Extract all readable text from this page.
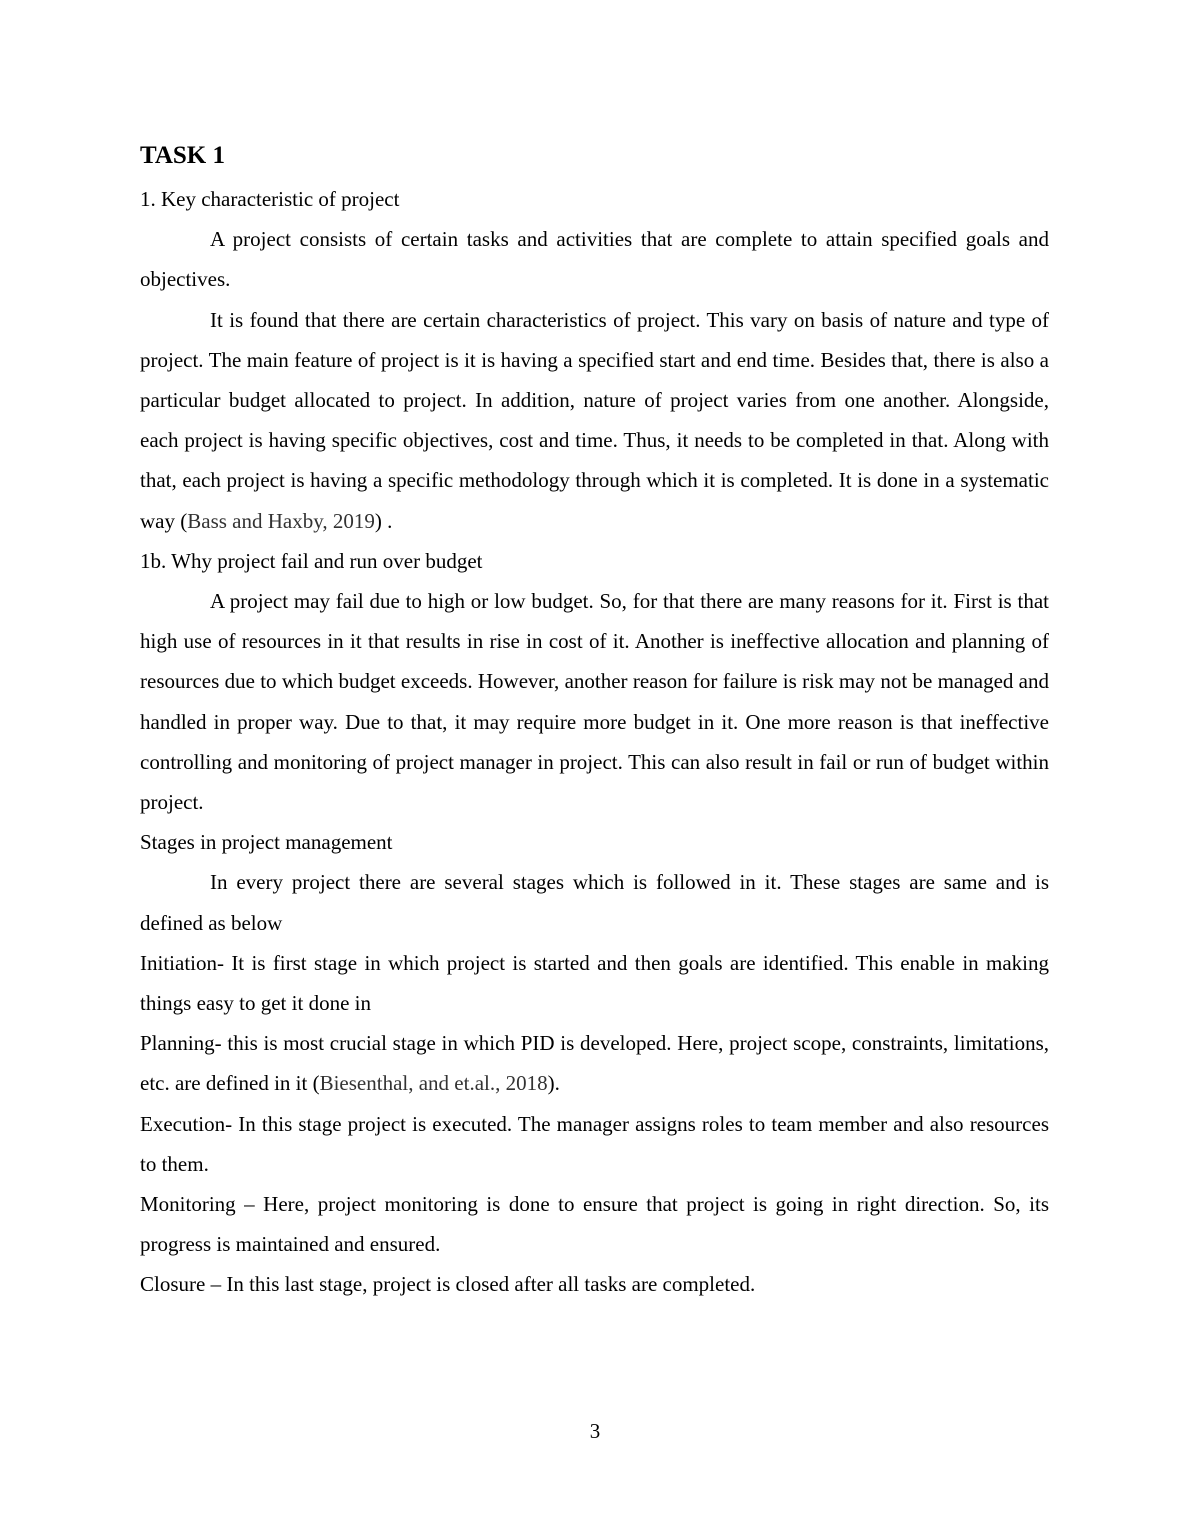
TASK 1

1. Key characteristic of project

A project consists of certain tasks and activities that are complete to attain specified goals and objectives.

It is found that there are certain characteristics of project. This vary on basis of nature and type of project. The main feature of project is it is having a specified start and end time. Besides that, there is also a particular budget allocated to project. In addition, nature of project varies from one another. Alongside, each project is having specific objectives, cost and time. Thus, it needs to be completed in that. Along with that, each project is having a specific methodology through which it is completed. It is done in a systematic way (Bass and Haxby, 2019) .

1b. Why project fail and run over budget

A project may fail due to high or low budget. So, for that there are many reasons for it. First is that high use of resources in it that results in rise in cost of it. Another is ineffective allocation and planning of resources due to which budget exceeds. However, another reason for failure is risk may not be managed and handled in proper way. Due to that, it may require more budget in it. One more reason is that ineffective controlling and monitoring of project manager in project. This can also result in fail or run of budget within project.

Stages in project management

In every project there are several stages which is followed in it. These stages are same and is defined as below

Initiation- It is first stage in which project is started and then goals are identified. This enable in making things easy to get it done in

Planning- this is most crucial stage in which PID is developed. Here, project scope, constraints, limitations, etc. are defined in it (Biesenthal, and et.al., 2018).

Execution- In this stage project is executed. The manager assigns roles to team member and also resources to them.

Monitoring – Here, project monitoring is done to ensure that project is going in right direction. So, its progress is maintained and ensured.

Closure – In this last stage, project is closed after all tasks are completed.

3
